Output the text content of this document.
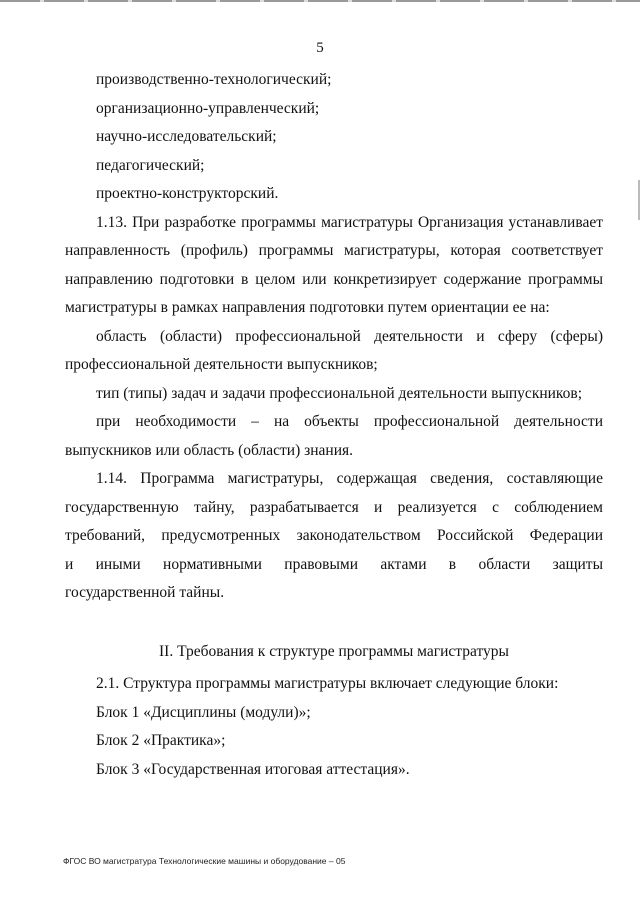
5
производственно-технологический;
организационно-управленческий;
научно-исследовательский;
педагогический;
проектно-конструкторский.
1.13. При разработке программы магистратуры Организация устанавливает
направленность (профиль) программы магистратуры, которая соответствует
направлению подготовки в целом или конкретизирует содержание программы
магистратуры в рамках направления подготовки путем ориентации ее на:
область (области) профессиональной деятельности и сферу (сферы)
профессиональной деятельности выпускников;
тип (типы) задач и задачи профессиональной деятельности выпускников;
при необходимости – на объекты профессиональной деятельности
выпускников или область (области) знания.
1.14. Программа магистратуры, содержащая сведения, составляющие
государственную тайну, разрабатывается и реализуется с соблюдением
требований, предусмотренных законодательством Российской Федерации
и иными нормативными правовыми актами в области защиты
государственной тайны.
II. Требования к структуре программы магистратуры
2.1. Структура программы магистратуры включает следующие блоки:
Блок 1 «Дисциплины (модули)»;
Блок 2 «Практика»;
Блок 3 «Государственная итоговая аттестация».
ФГОС ВО магистратура Технологические машины и оборудование – 05
